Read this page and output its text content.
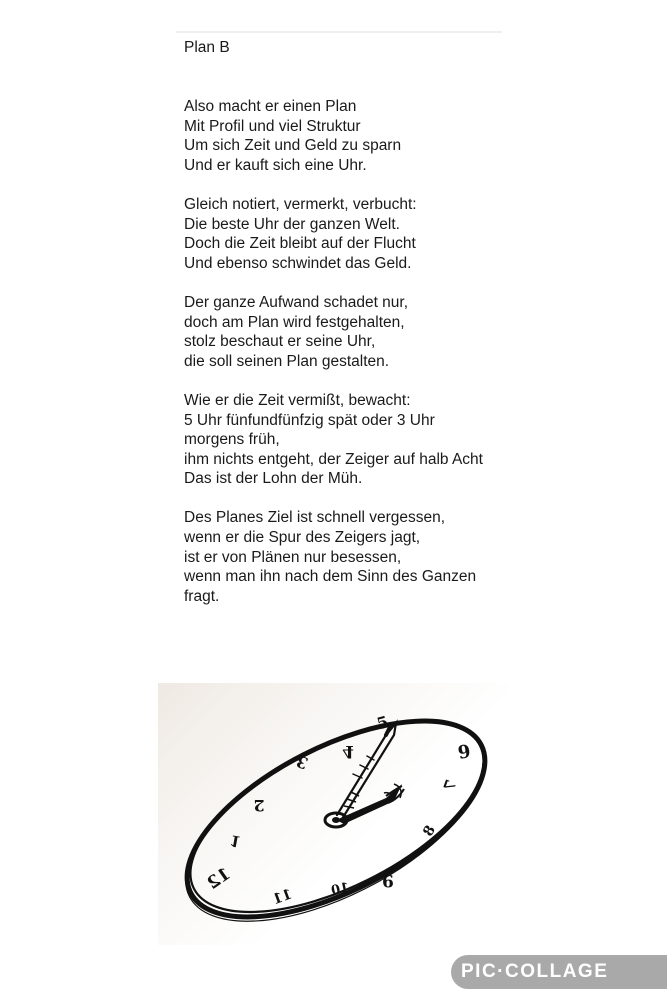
Plan B
Also macht er einen Plan
Mit Profil und viel Struktur
Um sich Zeit und Geld zu sparn
Und er kauft sich eine Uhr.
Gleich notiert, vermerkt, verbucht:
Die beste Uhr der ganzen Welt.
Doch die Zeit bleibt auf der Flucht
Und ebenso schwindet das Geld.
Der ganze Aufwand schadet nur,
doch am Plan wird festgehalten,
stolz beschaut er seine Uhr,
die soll seinen Plan gestalten.
Wie er die Zeit vermißt, bewacht:
5 Uhr fünfundfünfzig spät oder 3 Uhr
morgens früh,
ihm nichts entgeht, der Zeiger auf halb Acht
Das ist der Lohn der Müh.
Des Planes Ziel ist schnell vergessen,
wenn er die Spur des Zeigers jagt,
ist er von Plänen nur besessen,
wenn man ihn nach dem Sinn des Ganzen
fragt.
12
11	10 9
8
7
6
5
4
3
2
1
PIC·COLLAGE
